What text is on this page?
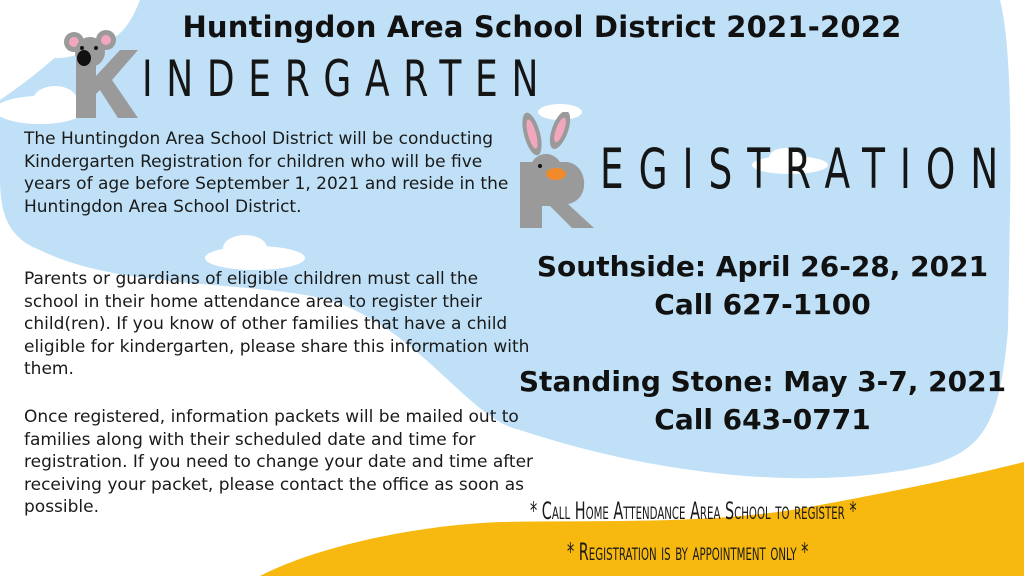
Huntingdon Area School District 2021-2022
INDERGARTEN
EGISTRATION
The Huntingdon Area School District will be conducting Kindergarten Registration for children who will be five years of age before September 1, 2021 and reside in the Huntingdon Area School District.
Parents or guardians of eligible children must call the school in their home attendance area to register their child(ren). If you know of other families that have a child eligible for kindergarten, please share this information with them.
Once registered, information packets will be mailed out to families along with their scheduled date and time for registration. If you need to change your date and time after receiving your packet, please contact the office as soon as possible.
Southside: April 26-28, 2021
Call 627-1100
Standing Stone: May 3-7, 2021
Call 643-0771
* Call Home Attendance Area School to register *
* Registration is by appointment only *
